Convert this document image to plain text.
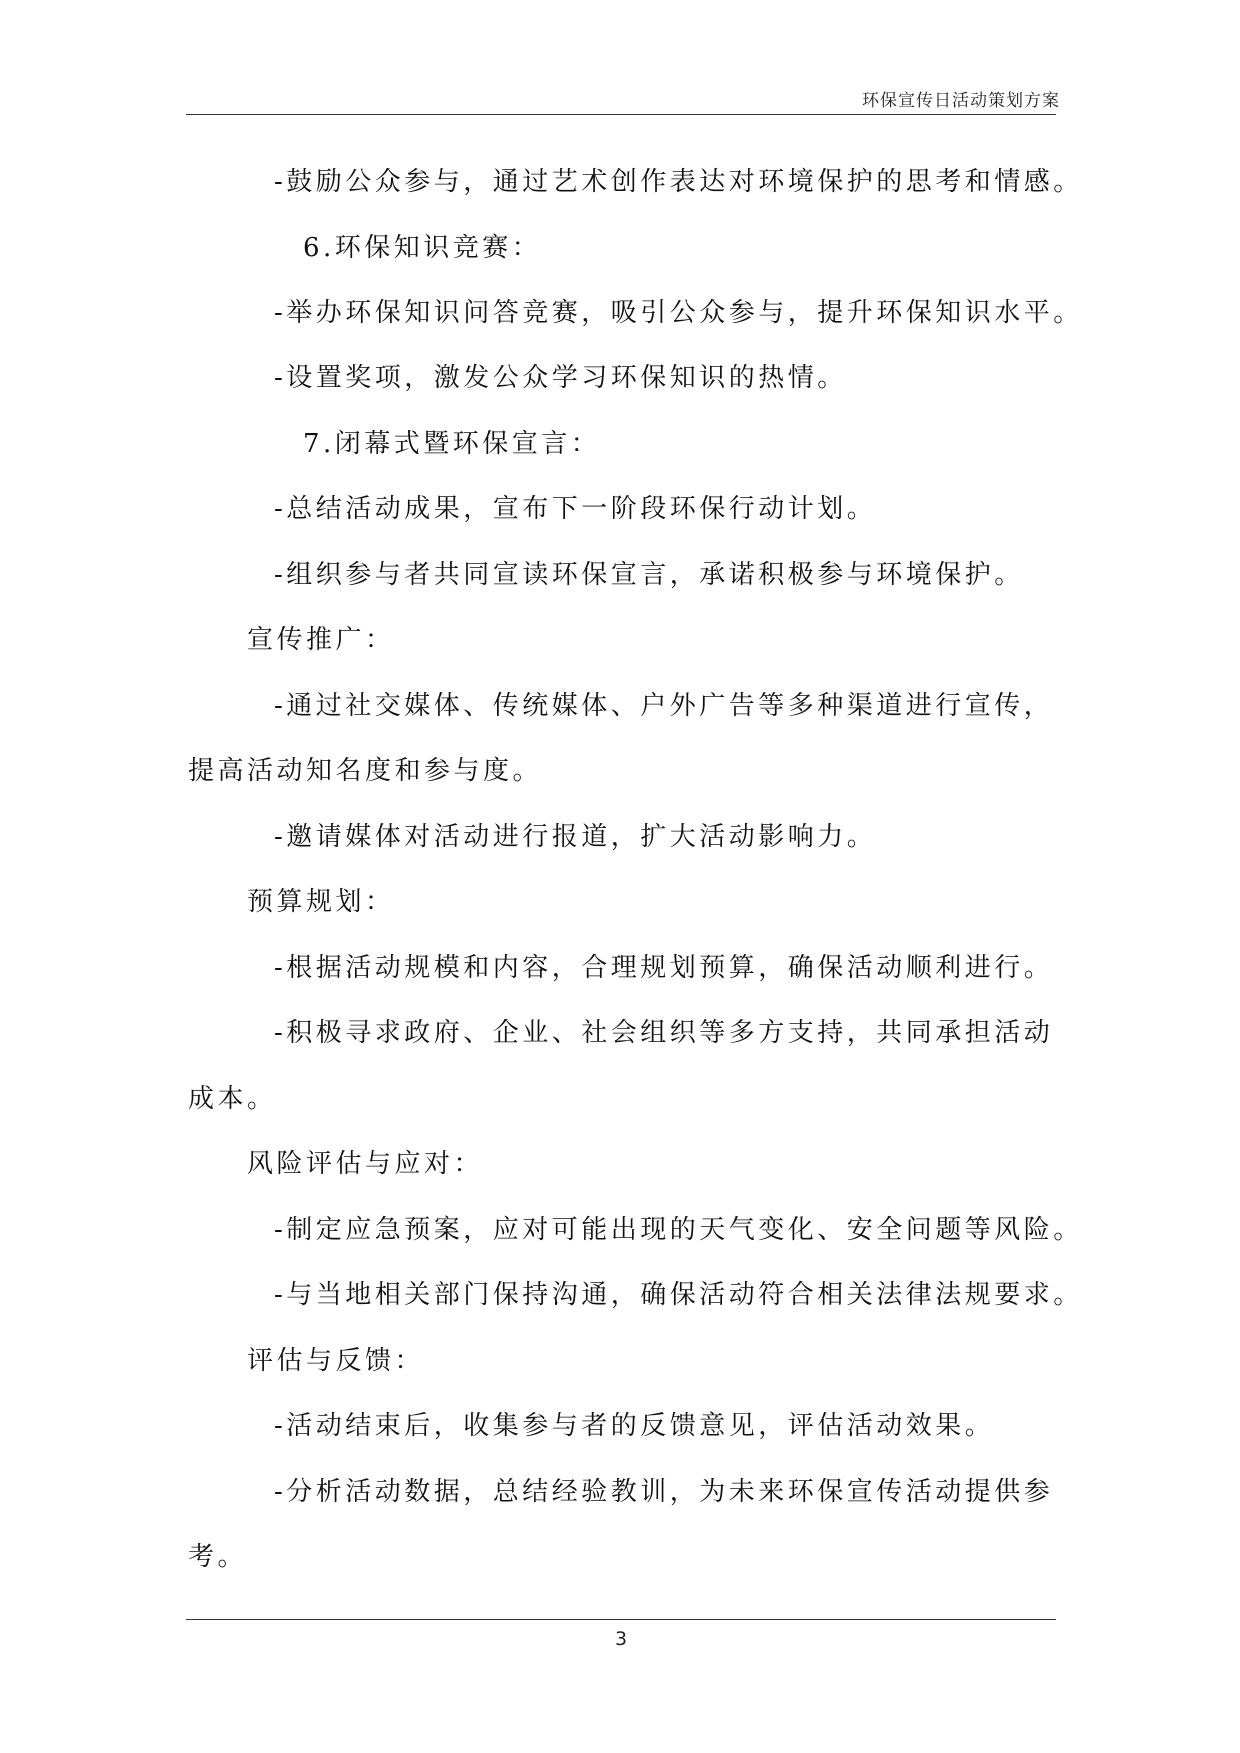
环保宣传日活动策划方案
-鼓励公众参与，通过艺术创作表达对环境保护的思考和情感。
6.环保知识竞赛：
-举办环保知识问答竞赛，吸引公众参与，提升环保知识水平。
-设置奖项，激发公众学习环保知识的热情。
7.闭幕式暨环保宣言：
-总结活动成果，宣布下一阶段环保行动计划。
-组织参与者共同宣读环保宣言，承诺积极参与环境保护。
宣传推广：
-通过社交媒体、传统媒体、户外广告等多种渠道进行宣传，
提高活动知名度和参与度。
-邀请媒体对活动进行报道，扩大活动影响力。
预算规划：
-根据活动规模和内容，合理规划预算，确保活动顺利进行。
-积极寻求政府、企业、社会组织等多方支持，共同承担活动
成本。
风险评估与应对：
-制定应急预案，应对可能出现的天气变化、安全问题等风险。
-与当地相关部门保持沟通，确保活动符合相关法律法规要求。
评估与反馈：
-活动结束后，收集参与者的反馈意见，评估活动效果。
-分析活动数据，总结经验教训，为未来环保宣传活动提供参
考。
3
